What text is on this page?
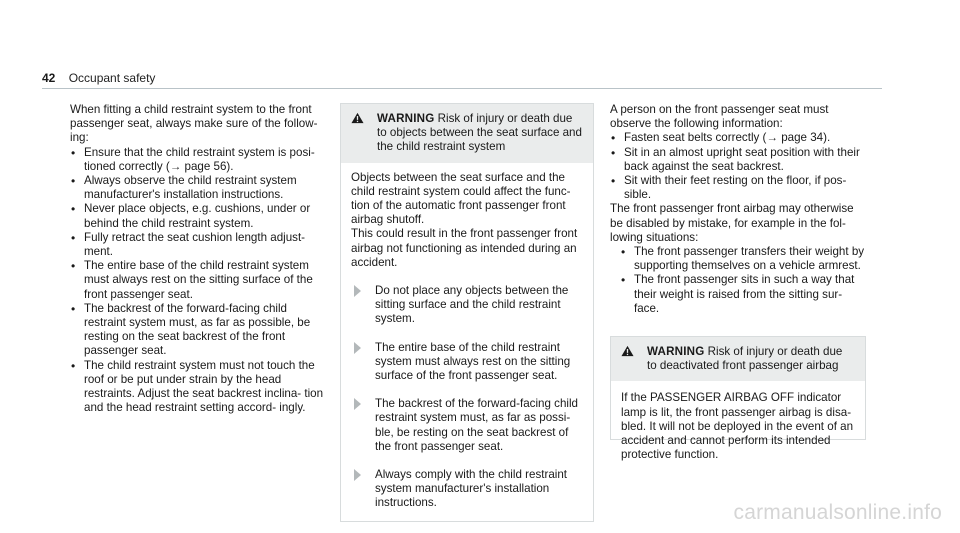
42 Occupant safety

When fitting a child restraint system to the front passenger seat, always make sure of the follow- ing:

• Ensure that the child restraint system is posi- tioned correctly (→ page 56).
• Always observe the child restraint system manufacturer's installation instructions.
• Never place objects, e.g. cushions, under or behind the child restraint system.
• Fully retract the seat cushion length adjust- ment.
• The entire base of the child restraint system must always rest on the sitting surface of the front passenger seat.
• The backrest of the forward-facing child restraint system must, as far as possible, be resting on the seat backrest of the front passenger seat.
• The child restraint system must not touch the roof or be put under strain by the head restraints. Adjust the seat backrest inclina- tion and the head restraint setting accord- ingly.
WARNING Risk of injury or death due to objects between the seat surface and the child restraint system

Objects between the seat surface and the child restraint system could affect the func- tion of the automatic front passenger front airbag shutoff.

This could result in the front passenger front airbag not functioning as intended during an accident.

Do not place any objects between the sitting surface and the child restraint system.
The entire base of the child restraint system must always rest on the sitting surface of the front passenger seat.
The backrest of the forward-facing child restraint system must, as far as possi- ble, be resting on the seat backrest of the front passenger seat.
Always comply with the child restraint system manufacturer's installation instructions.

A person on the front passenger seat must observe the following information:

• Fasten seat belts correctly (→ page 34).
• Sit in an almost upright seat position with their back against the seat backrest.
• Sit with their feet resting on the floor, if pos- sible.

The front passenger front airbag may otherwise be disabled by mistake, for example in the fol- lowing situations:

• The front passenger transfers their weight by supporting themselves on a vehicle armrest.
• The front passenger sits in such a way that their weight is raised from the sitting sur- face.
WARNING Risk of injury or death due to deactivated front passenger airbag

If the PASSENGER AIRBAG OFF indicator lamp is lit, the front passenger airbag is disa- bled. It will not be deployed in the event of an accident and cannot perform its intended protective function.

carmanualsonline.info
